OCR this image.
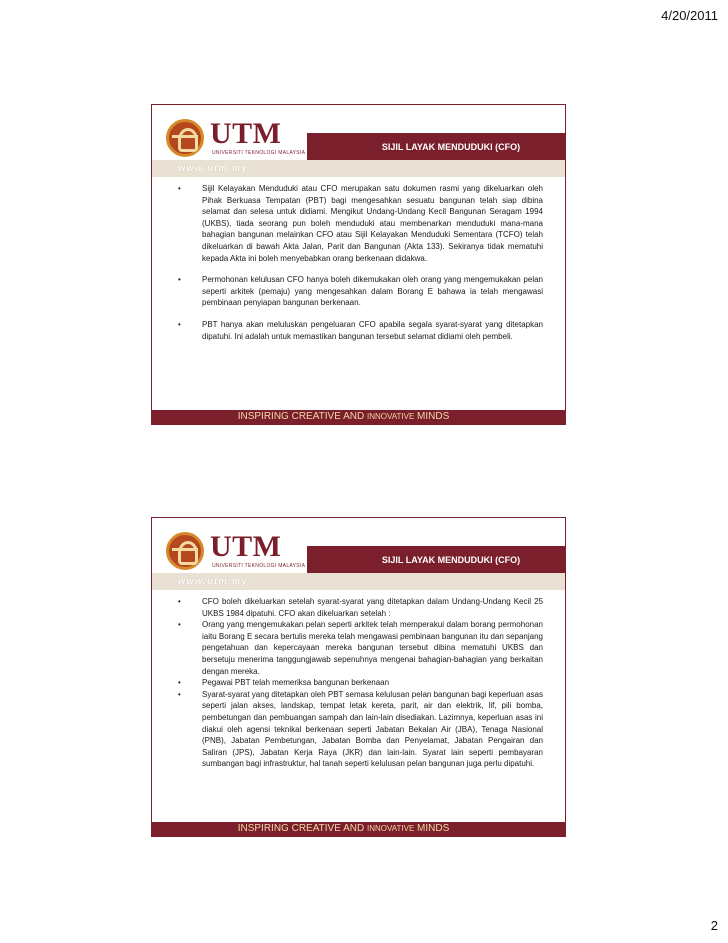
4/20/2011
UTM
UNIVERSITI TEKNOLOGI MALAYSIA
SIJIL LAYAK MENDUDUKI (CFO)
www.utm.my
• Sijil Kelayakan Menduduki atau CFO merupakan satu dokumen rasmi yang dikeluarkan oleh Pihak Berkuasa Tempatan (PBT) bagi mengesahkan sesuatu bangunan telah siap dibina selamat dan selesa untuk didiami. Mengikut Undang-Undang Kecil Bangunan Seragam 1994 (UKBS), tiada seorang pun boleh menduduki atau membenarkan menduduki mana-mana bahagian bangunan melainkan CFO atau Sijil Kelayakan Menduduki Sementara (TCFO) telah dikeluarkan di bawah Akta Jalan, Parit dan Bangunan (Akta 133). Sekiranya tidak mematuhi kepada Akta ini boleh menyebabkan orang berkenaan didakwa.
• Permohonan kelulusan CFO hanya boleh dikemukakan oleh orang yang mengemukakan pelan seperti arkitek (pemaju) yang mengesahkan dalam Borang E bahawa ia telah mengawasi pembinaan penyiapan bangunan berkenaan.
• PBT hanya akan meluluskan pengeluaran CFO apabila segala syarat-syarat yang ditetapkan dipatuhi. Ini adalah untuk memastikan bangunan tersebut selamat didiami oleh pembeli.
INSPIRING CREATIVE AND INNOVATIVE MINDS
UTM
UNIVERSITI TEKNOLOGI MALAYSIA
SIJIL LAYAK MENDUDUKI (CFO)
www.utm.my
• CFO boleh dikeluarkan setelah syarat-syarat yang ditetapkan dalam Undang-Undang Kecil 25 UKBS 1984 dipatuhi. CFO akan dikeluarkan setelah :
• Orang yang mengemukakan pelan seperti arkitek telah memperakui dalam borang permohonan iaitu Borang E secara bertulis mereka telah mengawasi pembinaan bangunan itu dan sepanjang pengetahuan dan kepercayaan mereka bangunan tersebut dibina mematuhi UKBS dan bersetuju menerima tanggungjawab sepenuhnya mengenai bahagian-bahagian yang berkaitan dengan mereka.
• Pegawai PBT telah memeriksa bangunan berkenaan
• Syarat-syarat yang ditetapkan oleh PBT semasa kelulusan pelan bangunan bagi keperluan asas seperti jalan akses, landskap, tempat letak kereta, parit, air dan elektrik, lif, pili bomba, pembetungan dan pembuangan sampah dan lain-lain disediakan. Lazimnya, keperluan asas ini diakui oleh agensi teknikal berkenaan seperti Jabatan Bekalan Air (JBA), Tenaga Nasional (PNB), Jabatan Pembetungan, Jabatan Bomba dan Penyelamat, Jabatan Pengairan dan Saliran (JPS), Jabatan Kerja Raya (JKR) dan lain-lain. Syarat lain seperti pembayaran sumbangan bagi infrastruktur, hal tanah seperti kelulusan pelan bangunan juga perlu dipatuhi.
INSPIRING CREATIVE AND INNOVATIVE MINDS
2
